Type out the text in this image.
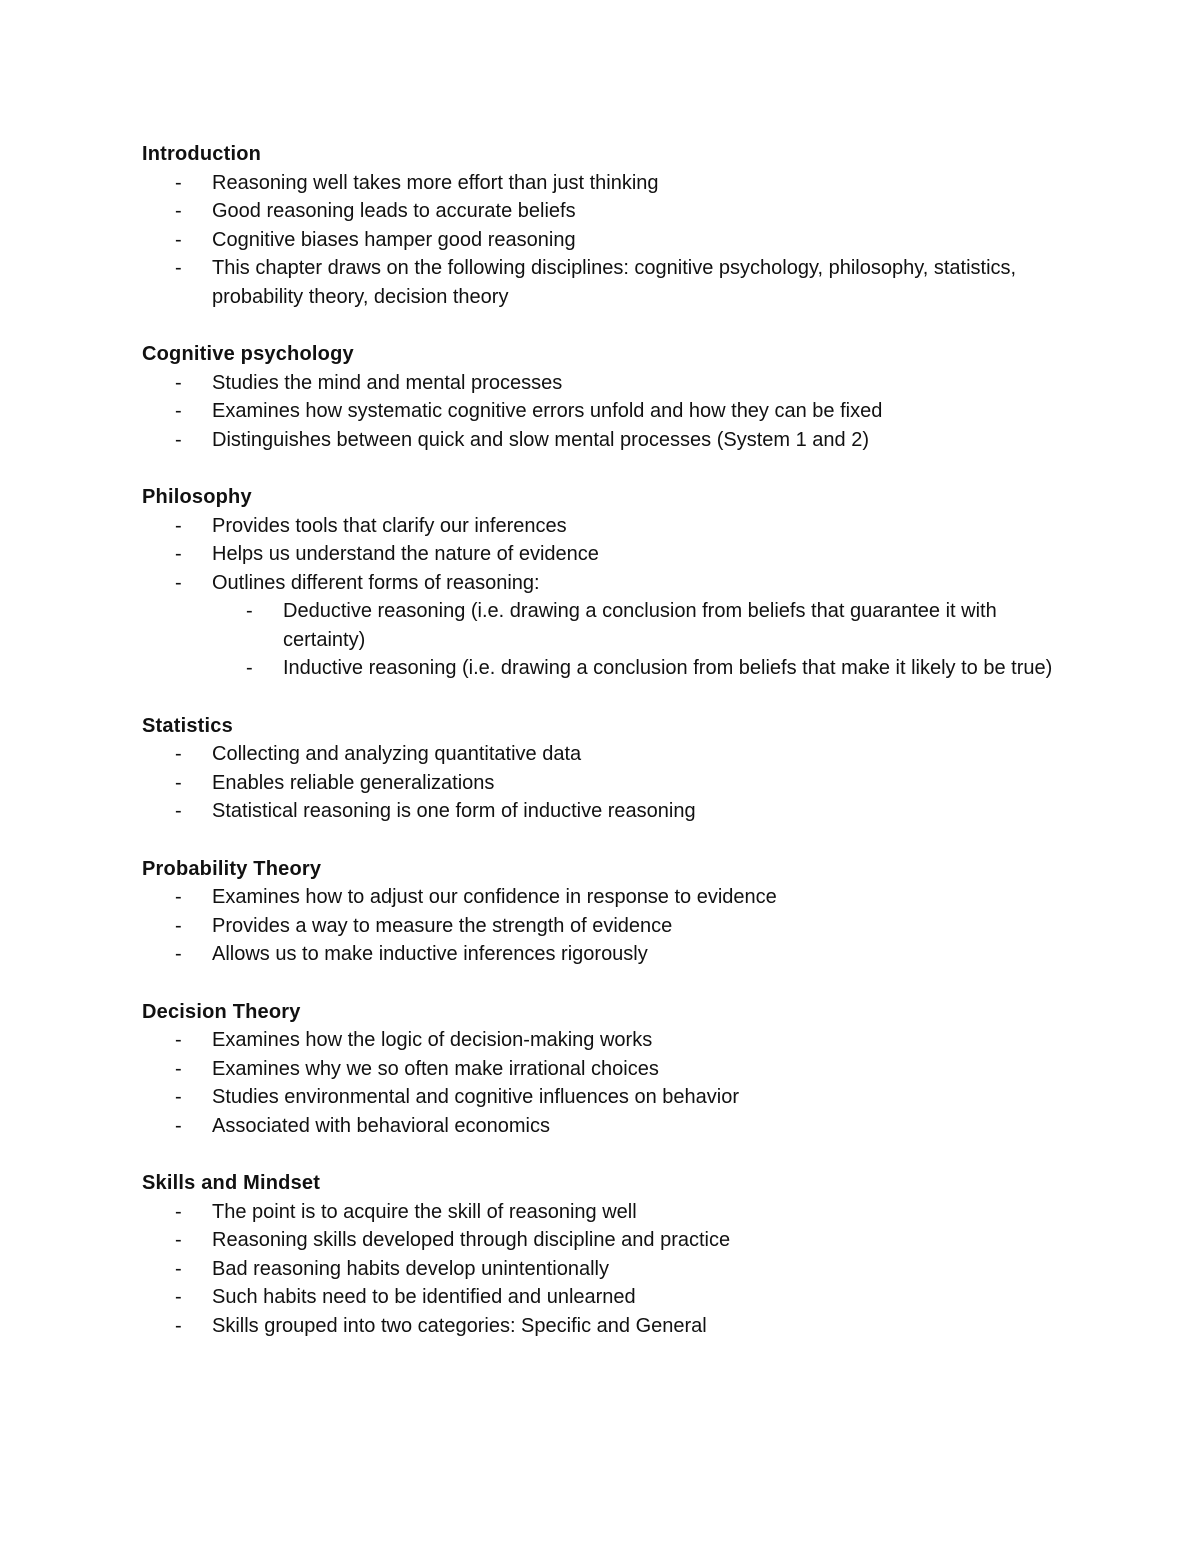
Introduction
- Reasoning well takes more effort than just thinking
- Good reasoning leads to accurate beliefs
- Cognitive biases hamper good reasoning
- This chapter draws on the following disciplines: cognitive psychology, philosophy, statistics, probability theory, decision theory
Cognitive psychology
- Studies the mind and mental processes
- Examines how systematic cognitive errors unfold and how they can be fixed
- Distinguishes between quick and slow mental processes (System 1 and 2)
Philosophy
- Provides tools that clarify our inferences
- Helps us understand the nature of evidence
- Outlines different forms of reasoning:
- Deductive reasoning (i.e. drawing a conclusion from beliefs that guarantee it with certainty)
- Inductive reasoning (i.e. drawing a conclusion from beliefs that make it likely to be true)
Statistics
- Collecting and analyzing quantitative data
- Enables reliable generalizations
- Statistical reasoning is one form of inductive reasoning
Probability Theory
- Examines how to adjust our confidence in response to evidence
- Provides a way to measure the strength of evidence
- Allows us to make inductive inferences rigorously
Decision Theory
- Examines how the logic of decision-making works
- Examines why we so often make irrational choices
- Studies environmental and cognitive influences on behavior
- Associated with behavioral economics
Skills and Mindset
- The point is to acquire the skill of reasoning well
- Reasoning skills developed through discipline and practice
- Bad reasoning habits develop unintentionally
- Such habits need to be identified and unlearned
- Skills grouped into two categories: Specific and General
